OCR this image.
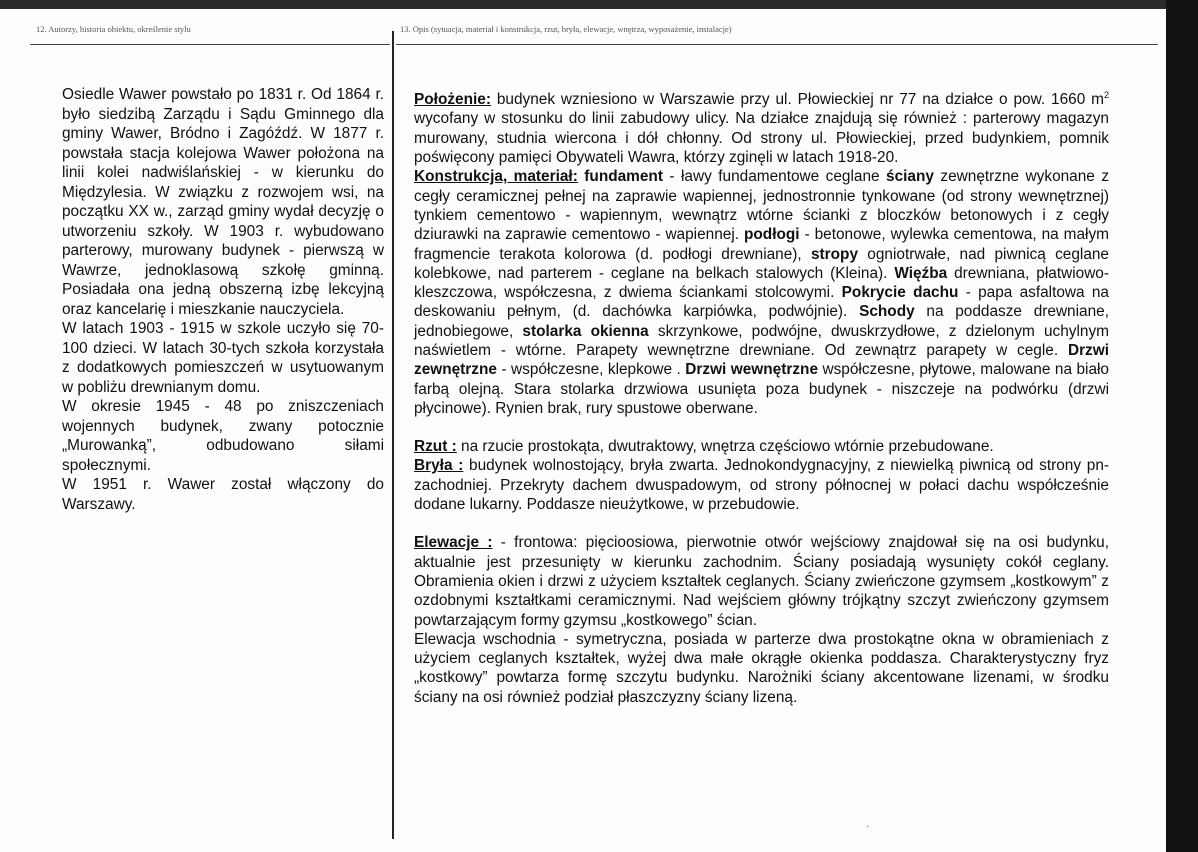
12. Autorzy, historia obiektu, określenie stylu	13. Opis (sytuacja, materiał i konstrukcja, rzut, bryła, elewacje, wnętrza, wyposażenie, instalacje)

Osiedle Wawer powstało po 1831 r. Od 1864 r. było siedzibą Zarządu i Sądu Gminnego dla gminy Wawer, Bródno i Zagóźdź. W 1877 r. powstała stacja kolejowa Wawer położona na linii kolei nadwiślańskiej - w kierunku do Międzylesia. W związku z rozwojem wsi, na początku XX w., zarząd gminy wydał decyzję o utworzeniu szkoły. W 1903 r. wybudowano parterowy, murowany budynek - pierwszą w Wawrze, jednoklasową szkołę gminną. Posiadała ona jedną obszerną izbę lekcyjną oraz kancelarię i mieszkanie nauczyciela.

W latach 1903 - 1915 w szkole uczyło się 70-100 dzieci. W latach 30-tych szkoła korzystała z dodatkowych pomieszczeń w usytuowanym w pobliżu drewnianym domu.

W okresie 1945 - 48 po zniszczeniach wojennych budynek, zwany potocznie „Murowanką”, odbudowano siłami społecznymi.

W 1951 r. Wawer został włączony do Warszawy.

Położenie: budynek wzniesiono w Warszawie przy ul. Płowieckiej nr 77 na działce o pow. 1660 $m^2$ wycofany w stosunku do linii zabudowy ulicy. Na działce znajdują się również : parterowy magazyn murowany, studnia wiercona i dół chłonny. Od strony ul. Płowieckiej, przed budynkiem, pomnik poświęcony pamięci Obywateli Wawra, którzy zginęli w latach 1918-20.

Konstrukcja, materiał: fundament - ławy fundamentowe ceglane ściany zewnętrzne wykonane z cegły ceramicznej pełnej na zaprawie wapiennej, jednostronnie tynkowane (od strony wewnętrznej) tynkiem cementowo - wapiennym, wewnątrz wtórne ścianki z bloczków betonowych i z cegły dziurawki na zaprawie cementowo - wapiennej. podłogi - betonowe, wylewka cementowa, na małym fragmencie terakota kolorowa (d. podłogi drewniane), stropy ogniotrwałe, nad piwnicą ceglane kolebkowe, nad parterem - ceglane na belkach stalowych (Kleina). Więźba drewniana, płatwiowo- kleszczowa, współczesna, z dwiema ściankami stolcowymi. Pokrycie dachu - papa asfaltowa na deskowaniu pełnym, (d. dachówka karpiówka, podwójnie). Schody na poddasze drewniane, jednobiegowe, stolarka okienna skrzynkowe, podwójne, dwuskrzydłowe, z dzielonym uchylnym naświetlem - wtórne. Parapety wewnętrzne drewniane. Od zewnątrz parapety w cegle. Drzwi zewnętrzne - współczesne, klepkowe . Drzwi wewnętrzne współczesne, płytowe, malowane na biało farbą olejną. Stara stolarka drzwiowa usunięta poza budynek - niszczeje na podwórku (drzwi płycinowe). Rynien brak, rury spustowe oberwane.

Rzut : na rzucie prostokąta, dwutraktowy, wnętrza częściowo wtórnie przebudowane.

Bryła : budynek wolnostojący, bryła zwarta. Jednokondygnacyjny, z niewielką piwnicą od strony pn-zachodniej. Przekryty dachem dwuspadowym, od strony północnej w połaci dachu współcześnie dodane lukarny. Poddasze nieużytkowe, w przebudowie.

Elewacje : - frontowa: pięcioosiowa, pierwotnie otwór wejściowy znajdował się na osi budynku, aktualnie jest przesunięty w kierunku zachodnim. Ściany posiadają wysunięty cokół ceglany. Obramienia okien i drzwi z użyciem kształtek ceglanych. Ściany zwieńczone gzymsem „kostkowym” z ozdobnymi kształtkami ceramicznymi. Nad wejściem główny trójkątny szczyt zwieńczony gzymsem powtarzającym formy gzymsu „kostkowego” ścian.

Elewacja wschodnia - symetryczna, posiada w parterze dwa prostokątne okna w obramieniach z użyciem ceglanych kształtek, wyżej dwa małe okrągłe okienka poddasza. Charakterystyczny fryz „kostkowy” powtarza formę szczytu budynku. Narożniki ściany akcentowane lizenami, w środku ściany na osi również podział płaszczyzny ściany lizeną.

·
